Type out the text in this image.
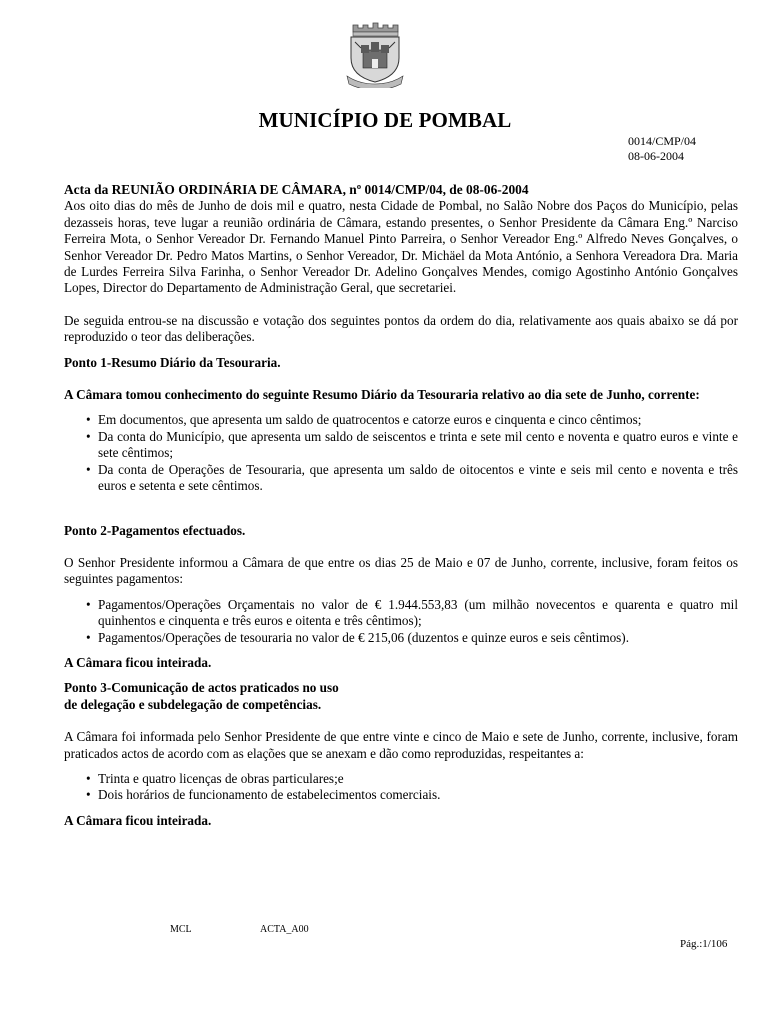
MUNICÍPIO DE POMBAL
0014/CMP/04
08-06-2004

Acta da REUNIÃO ORDINÁRIA DE CÂMARA, nº 0014/CMP/04, de 08-06-2004

Aos oito dias do mês de Junho de dois mil e quatro, nesta Cidade de Pombal, no Salão Nobre dos Paços do Município, pelas dezasseis horas, teve lugar a reunião ordinária de Câmara, estando presentes, o Senhor Presidente da Câmara Eng.º Narciso Ferreira Mota, o Senhor Vereador Dr. Fernando Manuel Pinto Parreira, o Senhor Vereador Eng.º Alfredo Neves Gonçalves, o Senhor Vereador Dr. Pedro Matos Martins, o Senhor Vereador, Dr. Michäel da Mota António, a Senhora Vereadora Dra. Maria de Lurdes Ferreira Silva Farinha, o Senhor Vereador Dr. Adelino Gonçalves Mendes, comigo Agostinho António Gonçalves Lopes, Director do Departamento de Administração Geral, que secretariei.

De seguida entrou-se na discussão e votação dos seguintes pontos da ordem do dia, relativamente aos quais abaixo se dá por reproduzido o teor das deliberações.

Ponto 1-Resumo Diário da Tesouraria.

A Câmara tomou conhecimento do seguinte Resumo Diário da Tesouraria relativo ao dia sete de Junho, corrente:

• Em documentos, que apresenta um saldo de quatrocentos e catorze euros e cinquenta e cinco cêntimos;
• Da conta do Município, que apresenta um saldo de seiscentos e trinta e sete mil cento e noventa e quatro euros e vinte e sete cêntimos;
• Da conta de Operações de Tesouraria, que apresenta um saldo de oitocentos e vinte e seis mil cento e noventa e três euros e setenta e sete cêntimos.

Ponto 2-Pagamentos efectuados.

O Senhor Presidente informou a Câmara de que entre os dias 25 de Maio e 07 de Junho, corrente, inclusive, foram feitos os seguintes pagamentos:

• Pagamentos/Operações Orçamentais no valor de € 1.944.553,83 (um milhão novecentos e quarenta e quatro mil quinhentos e cinquenta e três euros e oitenta e três cêntimos);
• Pagamentos/Operações de tesouraria no valor de € 215,06 (duzentos e quinze euros e seis cêntimos).

A Câmara ficou inteirada.

Ponto 3-Comunicação de actos praticados no uso

de delegação e subdelegação de competências.

A Câmara foi informada pelo Senhor Presidente de que entre vinte e cinco de Maio e sete de Junho, corrente, inclusive, foram praticados actos de acordo com as elações que se anexam e dão como reproduzidas, respeitantes a:

• Trinta e quatro licenças de obras particulares;e
• Dois horários de funcionamento de estabelecimentos comerciais.

A Câmara ficou inteirada.

MCL	ACTA_A00
Pág.:1/106
